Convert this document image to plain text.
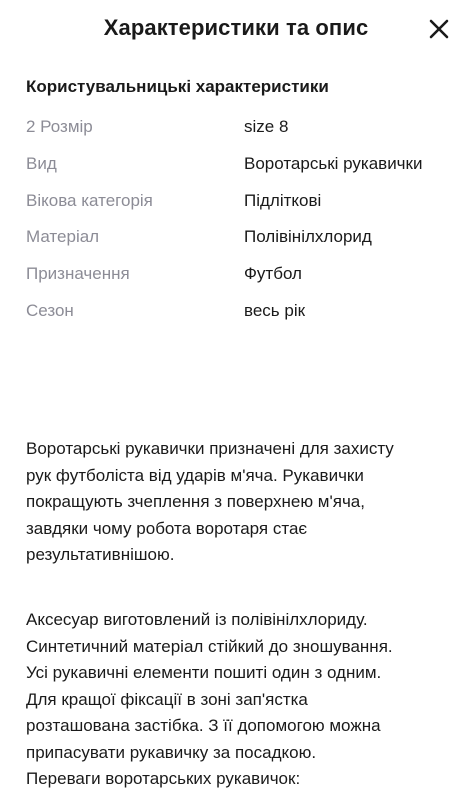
Характеристики та опис
Користувальницькі характеристики
2 Розмір	size 8
Вид	Воротарські рукавички
Вікова категорія	Підліткові
Матеріал	Полівінілхлорид
Призначення	Футбол
Сезон	весь рік
Воротарські рукавички призначені для захисту
рук футболіста від ударів м'яча. Рукавички
покращують зчеплення з поверхнею м'яча,
завдяки чому робота воротаря стає
результативнішою.
Аксесуар виготовлений із полівінілхлориду.
Синтетичний матеріал стійкий до зношування.
Усі рукавичні елементи пошиті один з одним.
Для кращої фіксації в зоні зап'ястка
розташована застібка. З її допомогою можна
припасувати рукавичку за посадкою.
Переваги воротарських рукавичок:
